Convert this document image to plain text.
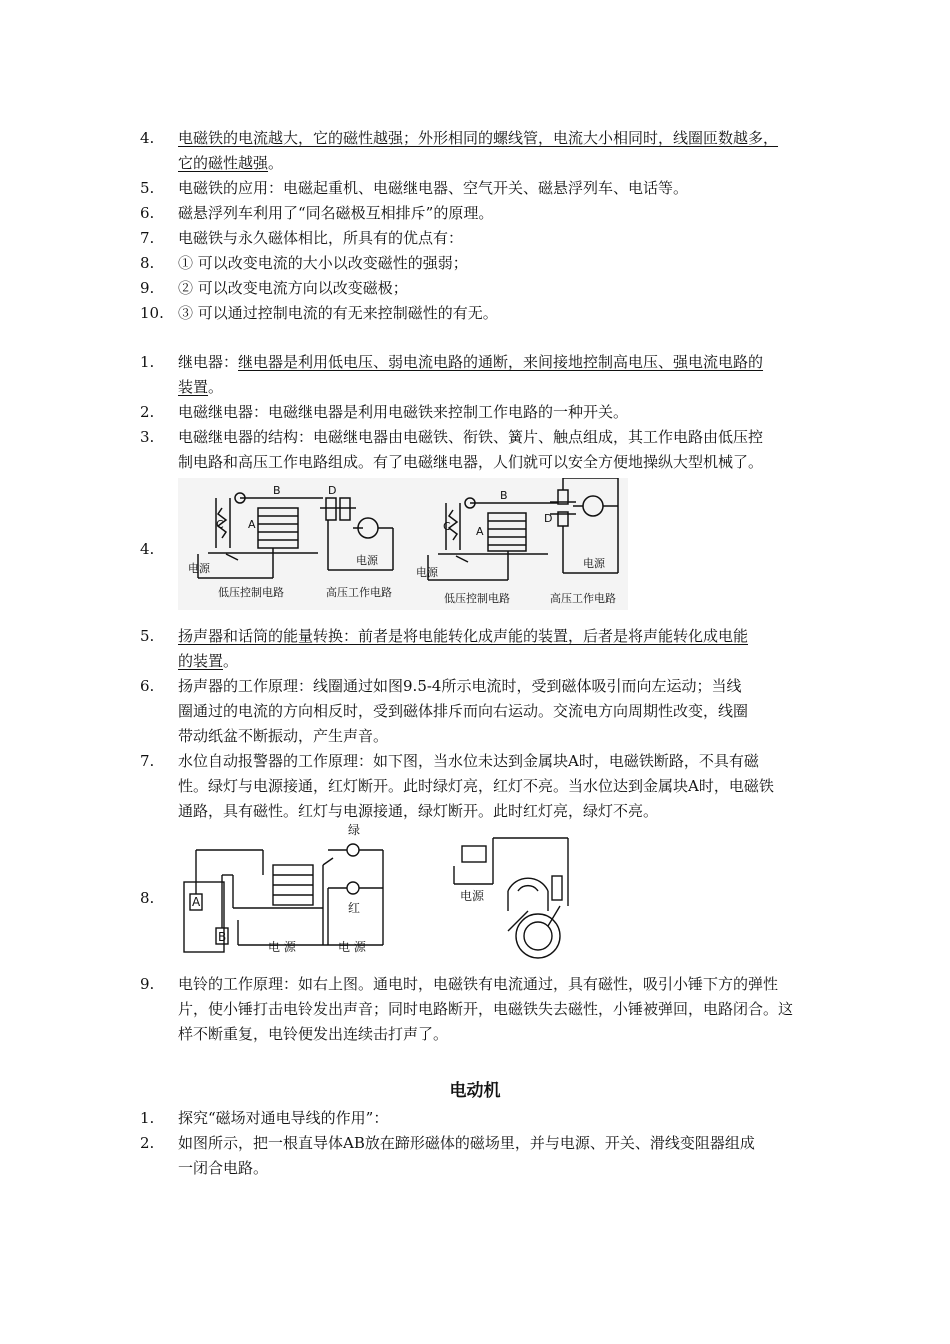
4.	电磁铁的电流越大，它的磁性越强；外形相同的螺线管，电流大小相同时，线圈匝数越多，
它的磁性越强。
5.	电磁铁的应用：电磁起重机、电磁继电器、空气开关、磁悬浮列车、电话等。
6.	磁悬浮列车利用了“同名磁极互相排斥”的原理。
7.	电磁铁与永久磁体相比，所具有的优点有：
8.	① 可以改变电流的大小以改变磁性的强弱；
9.	② 可以改变电流方向以改变磁极；
10. ③ 可以通过控制电流的有无来控制磁性的有无。
1.	继电器：继电器是利用低电压、弱电流电路的通断，来间接地控制高电压、强电流电路的
装置。
2.	电磁继电器：电磁继电器是利用电磁铁来控制工作电路的一种开关。
3.	电磁继电器的结构：电磁继电器由电磁铁、衔铁、簧片、触点组成，其工作电路由低压控
制电路和高压工作电路组成。有了电磁继电器，人们就可以安全方便地操纵大型机械了。
4.
B	D
C A
电源
电源
低压控制电路	高压工作电路
B
D
C A
电源
电源
低压控制电路	高压工作电路
5.	扬声器和话筒的能量转换：前者是将电能转化成声能的装置，后者是将声能转化成电能
的装置。
6.	扬声器的工作原理：线圈通过如图9.5-4所示电流时，受到磁体吸引而向左运动；当线
圈通过的电流的方向相反时，受到磁体排斥而向右运动。交流电方向周期性改变，线圈
带动纸盆不断振动，产生声音。
7.	水位自动报警器的工作原理：如下图，当水位未达到金属块A时，电磁铁断路，不具有磁
性。绿灯与电源接通，红灯断开。此时绿灯亮，红灯不亮。当水位达到金属块A时，电磁铁
通路，具有磁性。红灯与电源接通，绿灯断开。此时红灯亮，绿灯不亮。
8.
绿
红
A
B
电 源	电 源
电源
9.	电铃的工作原理：如右上图。通电时，电磁铁有电流通过，具有磁性，吸引小锤下方的弹性
片，使小锤打击电铃发出声音；同时电路断开，电磁铁失去磁性，小锤被弹回，电路闭合。这
样不断重复，电铃便发出连续击打声了。
电动机
1.	探究“磁场对通电导线的作用”：
2.	如图所示，把一根直导体AB放在蹄形磁体的磁场里，并与电源、开关、滑线变阻器组成
一闭合电路。
